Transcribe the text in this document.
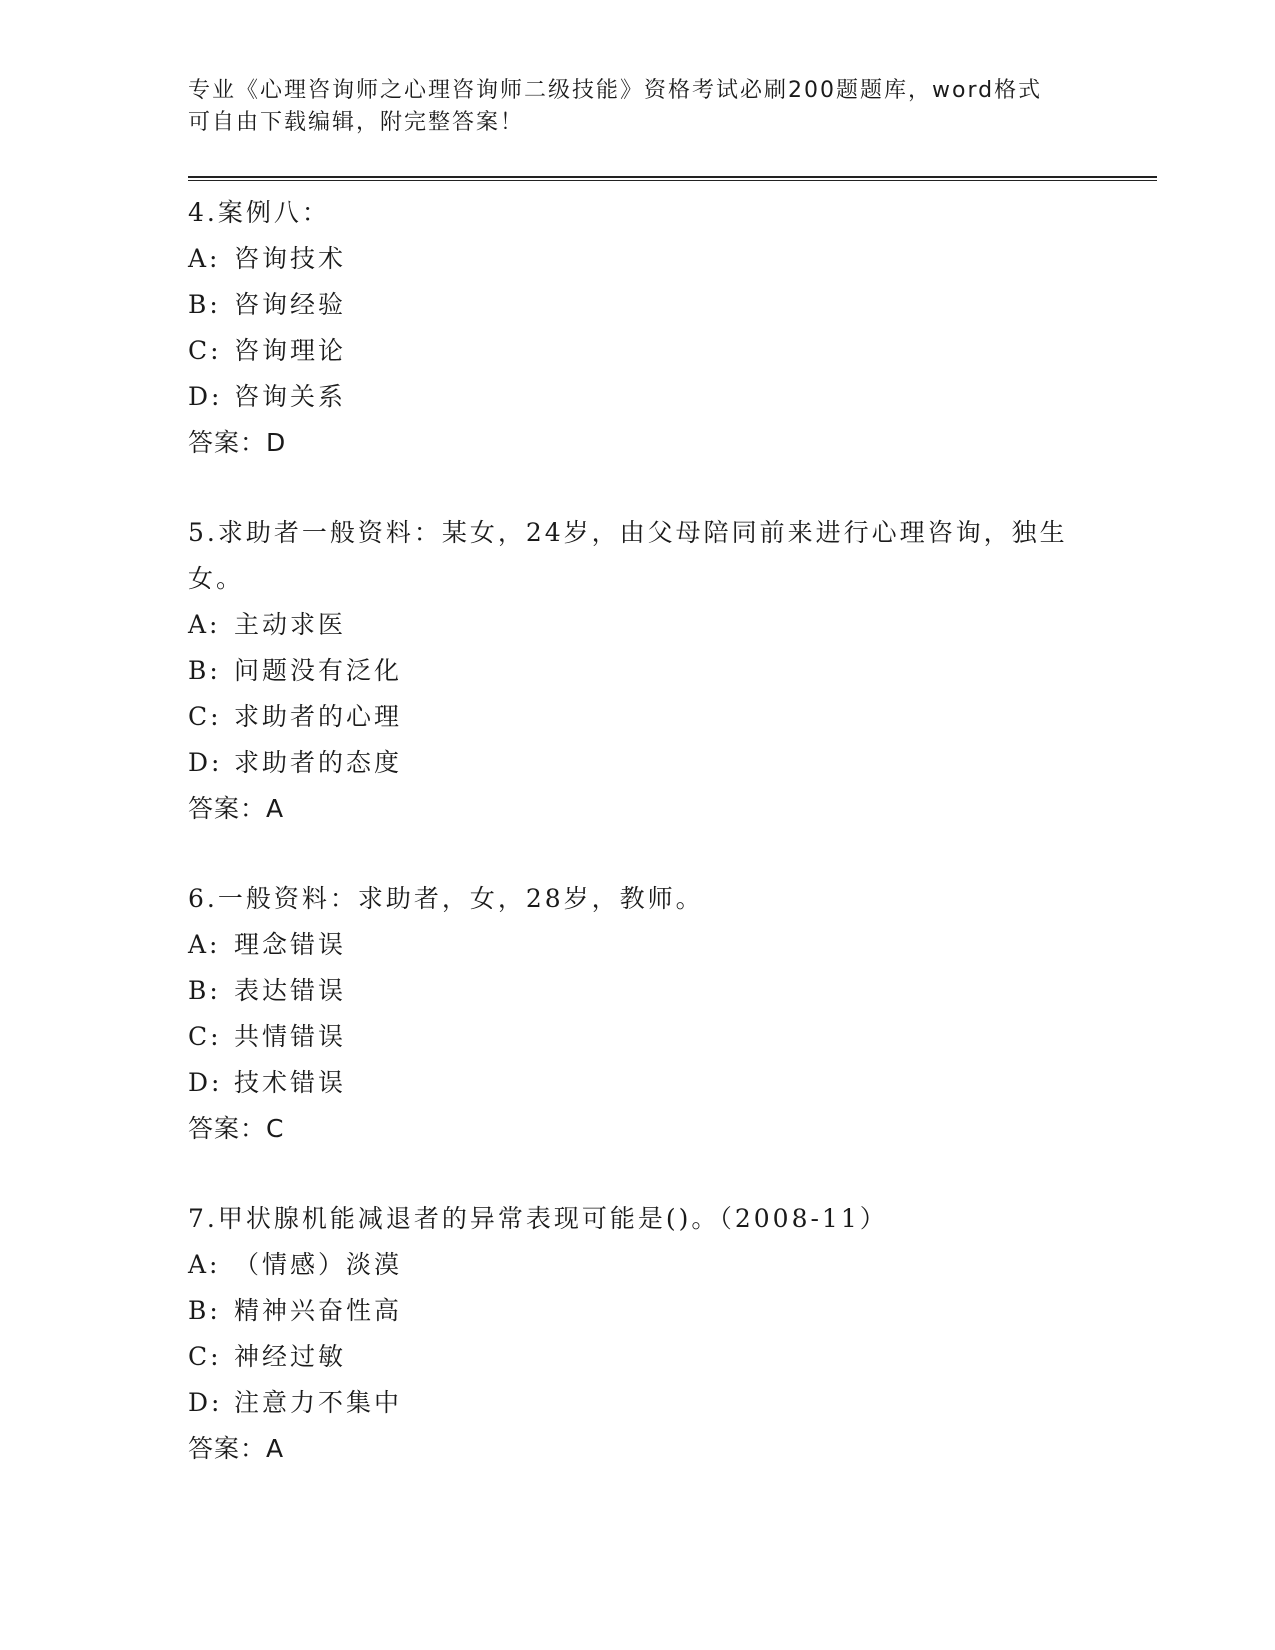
专业《心理咨询师之心理咨询师二级技能》资格考试必刷200题题库，word格式
可自由下载编辑，附完整答案！
4.案例八：
A: 咨询技术
B: 咨询经验
C: 咨询理论
D: 咨询关系
答案：D
5.求助者一般资料：某女，24岁，由父母陪同前来进行心理咨询，独生女。
A: 主动求医
B: 问题没有泛化
C: 求助者的心理
D: 求助者的态度
答案：A
6.一般资料：求助者，女，28岁，教师。
A: 理念错误
B: 表达错误
C: 共情错误
D: 技术错误
答案：C
7.甲状腺机能减退者的异常表现可能是()。（2008-11）
A: （情感）淡漠
B: 精神兴奋性高
C: 神经过敏
D: 注意力不集中
答案：A
